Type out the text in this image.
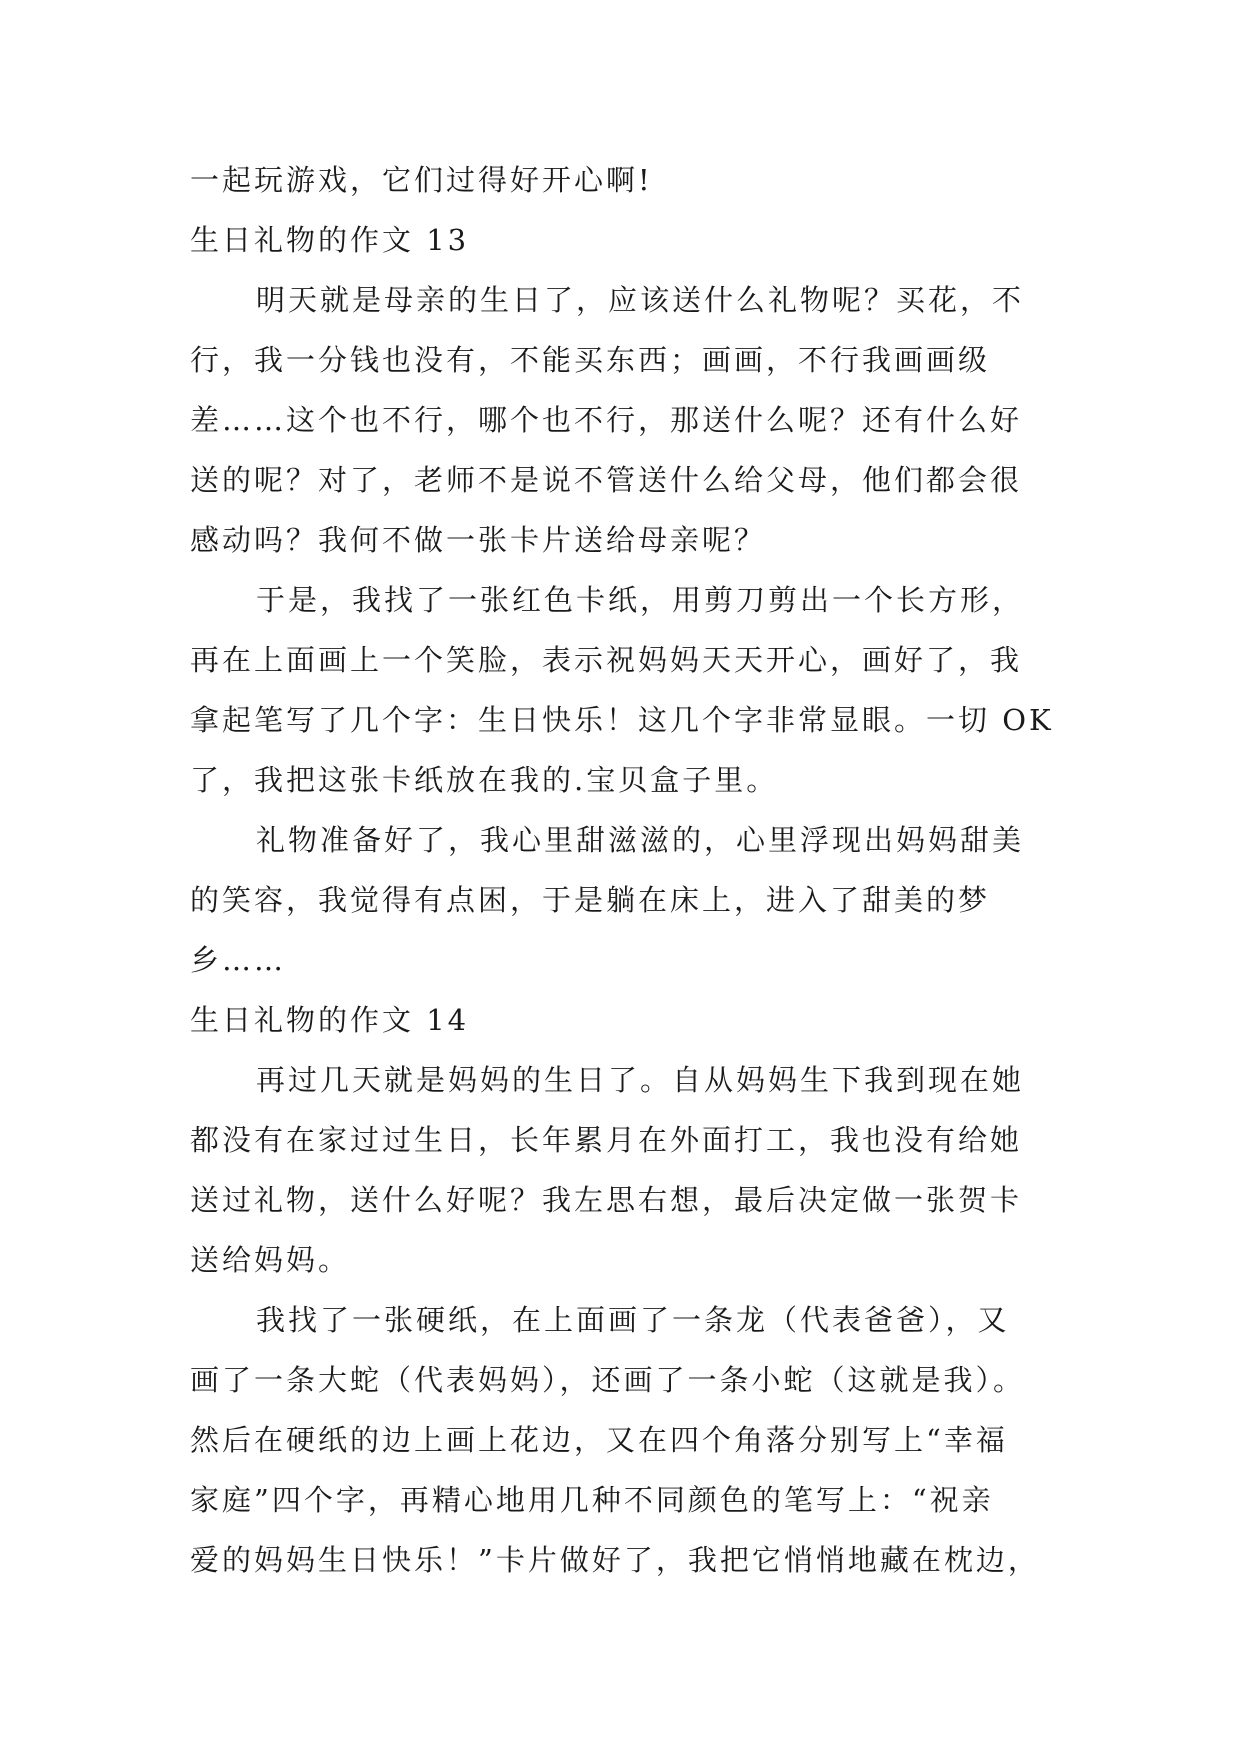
一起玩游戏，它们过得好开心啊!
生日礼物的作文 13
明天就是母亲的生日了，应该送什么礼物呢？买花，不
行，我一分钱也没有，不能买东西；画画，不行我画画级
差……这个也不行，哪个也不行，那送什么呢？还有什么好
送的呢？对了，老师不是说不管送什么给父母，他们都会很
感动吗？我何不做一张卡片送给母亲呢？
于是，我找了一张红色卡纸，用剪刀剪出一个长方形，
再在上面画上一个笑脸，表示祝妈妈天天开心，画好了，我
拿起笔写了几个字：生日快乐！这几个字非常显眼。一切 OK
了，我把这张卡纸放在我的.宝贝盒子里。
礼物准备好了，我心里甜滋滋的，心里浮现出妈妈甜美
的笑容，我觉得有点困，于是躺在床上，进入了甜美的梦
乡……
生日礼物的作文 14
再过几天就是妈妈的生日了。自从妈妈生下我到现在她
都没有在家过过生日，长年累月在外面打工，我也没有给她
送过礼物，送什么好呢？我左思右想，最后决定做一张贺卡
送给妈妈。
我找了一张硬纸，在上面画了一条龙（代表爸爸），又
画了一条大蛇（代表妈妈），还画了一条小蛇（这就是我）。
然后在硬纸的边上画上花边，又在四个角落分别写上“幸福
家庭”四个字，再精心地用几种不同颜色的笔写上：“祝亲
爱的妈妈生日快乐！”卡片做好了，我把它悄悄地藏在枕边，
